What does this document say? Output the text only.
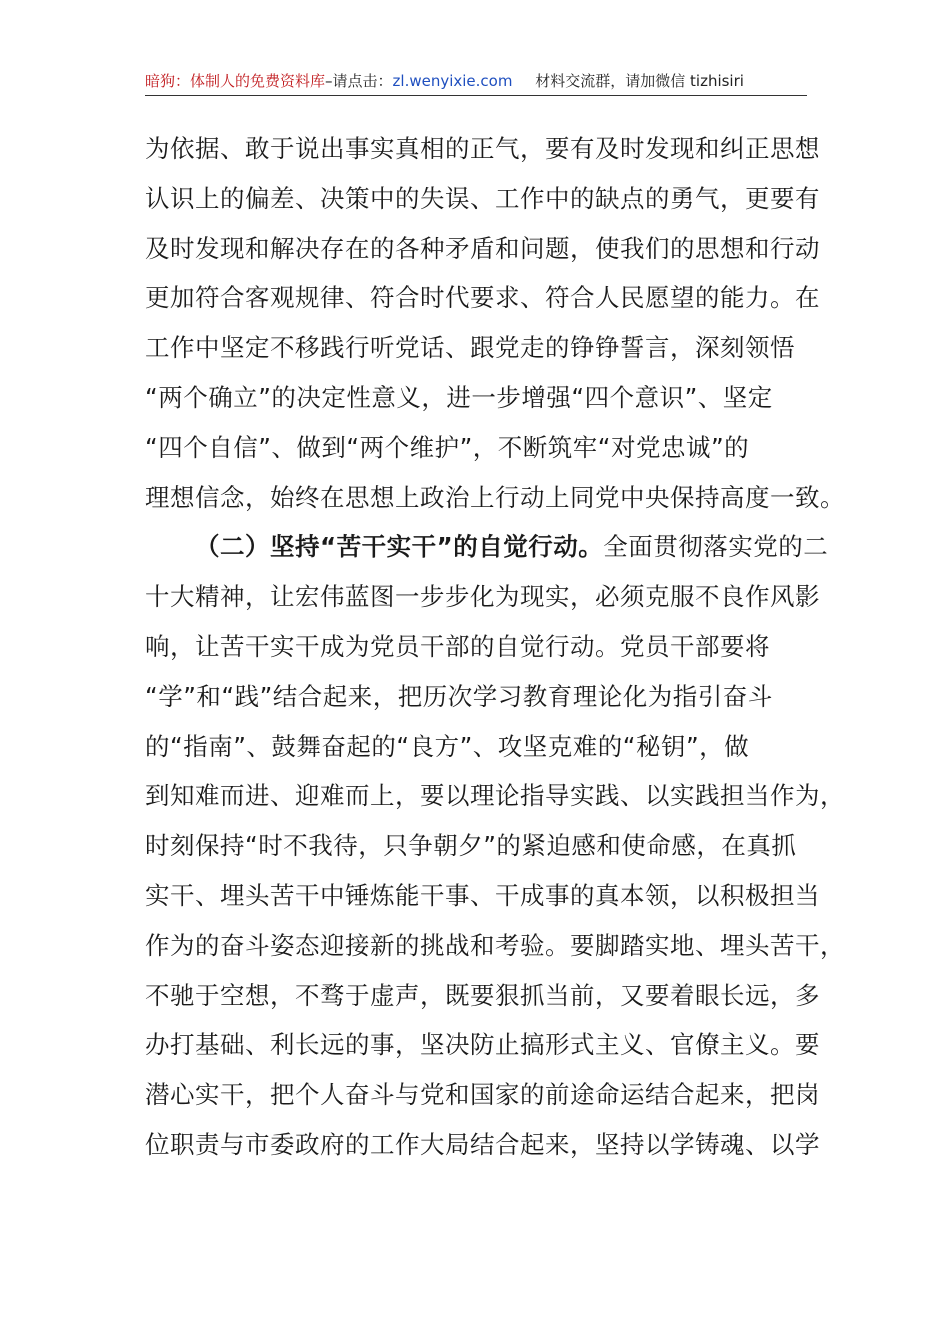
暗狗：体制人的免费资料库–请点击：zl.wenyixie.com 材料交流群，请加微信 tizhisiri
为依据、敢于说出事实真相的正气，要有及时发现和纠正思想
认识上的偏差、决策中的失误、工作中的缺点的勇气，更要有
及时发现和解决存在的各种矛盾和问题，使我们的思想和行动
更加符合客观规律、符合时代要求、符合人民愿望的能力。在
工作中坚定不移践行听党话、跟党走的铮铮誓言，深刻领悟
“两个确立”的决定性意义，进一步增强“四个意识”、坚定
“四个自信”、做到“两个维护”，不断筑牢“对党忠诚”的
理想信念，始终在思想上政治上行动上同党中央保持高度一致。
（二）坚持“苦干实干”的自觉行动。全面贯彻落实党的二
十大精神，让宏伟蓝图一步步化为现实，必须克服不良作风影
响，让苦干实干成为党员干部的自觉行动。党员干部要将
“学”和“践”结合起来，把历次学习教育理论化为指引奋斗
的“指南”、鼓舞奋起的“良方”、攻坚克难的“秘钥”，做
到知难而进、迎难而上，要以理论指导实践、以实践担当作为，
时刻保持“时不我待，只争朝夕”的紧迫感和使命感，在真抓
实干、埋头苦干中锤炼能干事、干成事的真本领，以积极担当
作为的奋斗姿态迎接新的挑战和考验。要脚踏实地、埋头苦干，
不驰于空想，不骛于虚声，既要狠抓当前，又要着眼长远，多
办打基础、利长远的事，坚决防止搞形式主义、官僚主义。要
潜心实干，把个人奋斗与党和国家的前途命运结合起来，把岗
位职责与市委政府的工作大局结合起来，坚持以学铸魂、以学
